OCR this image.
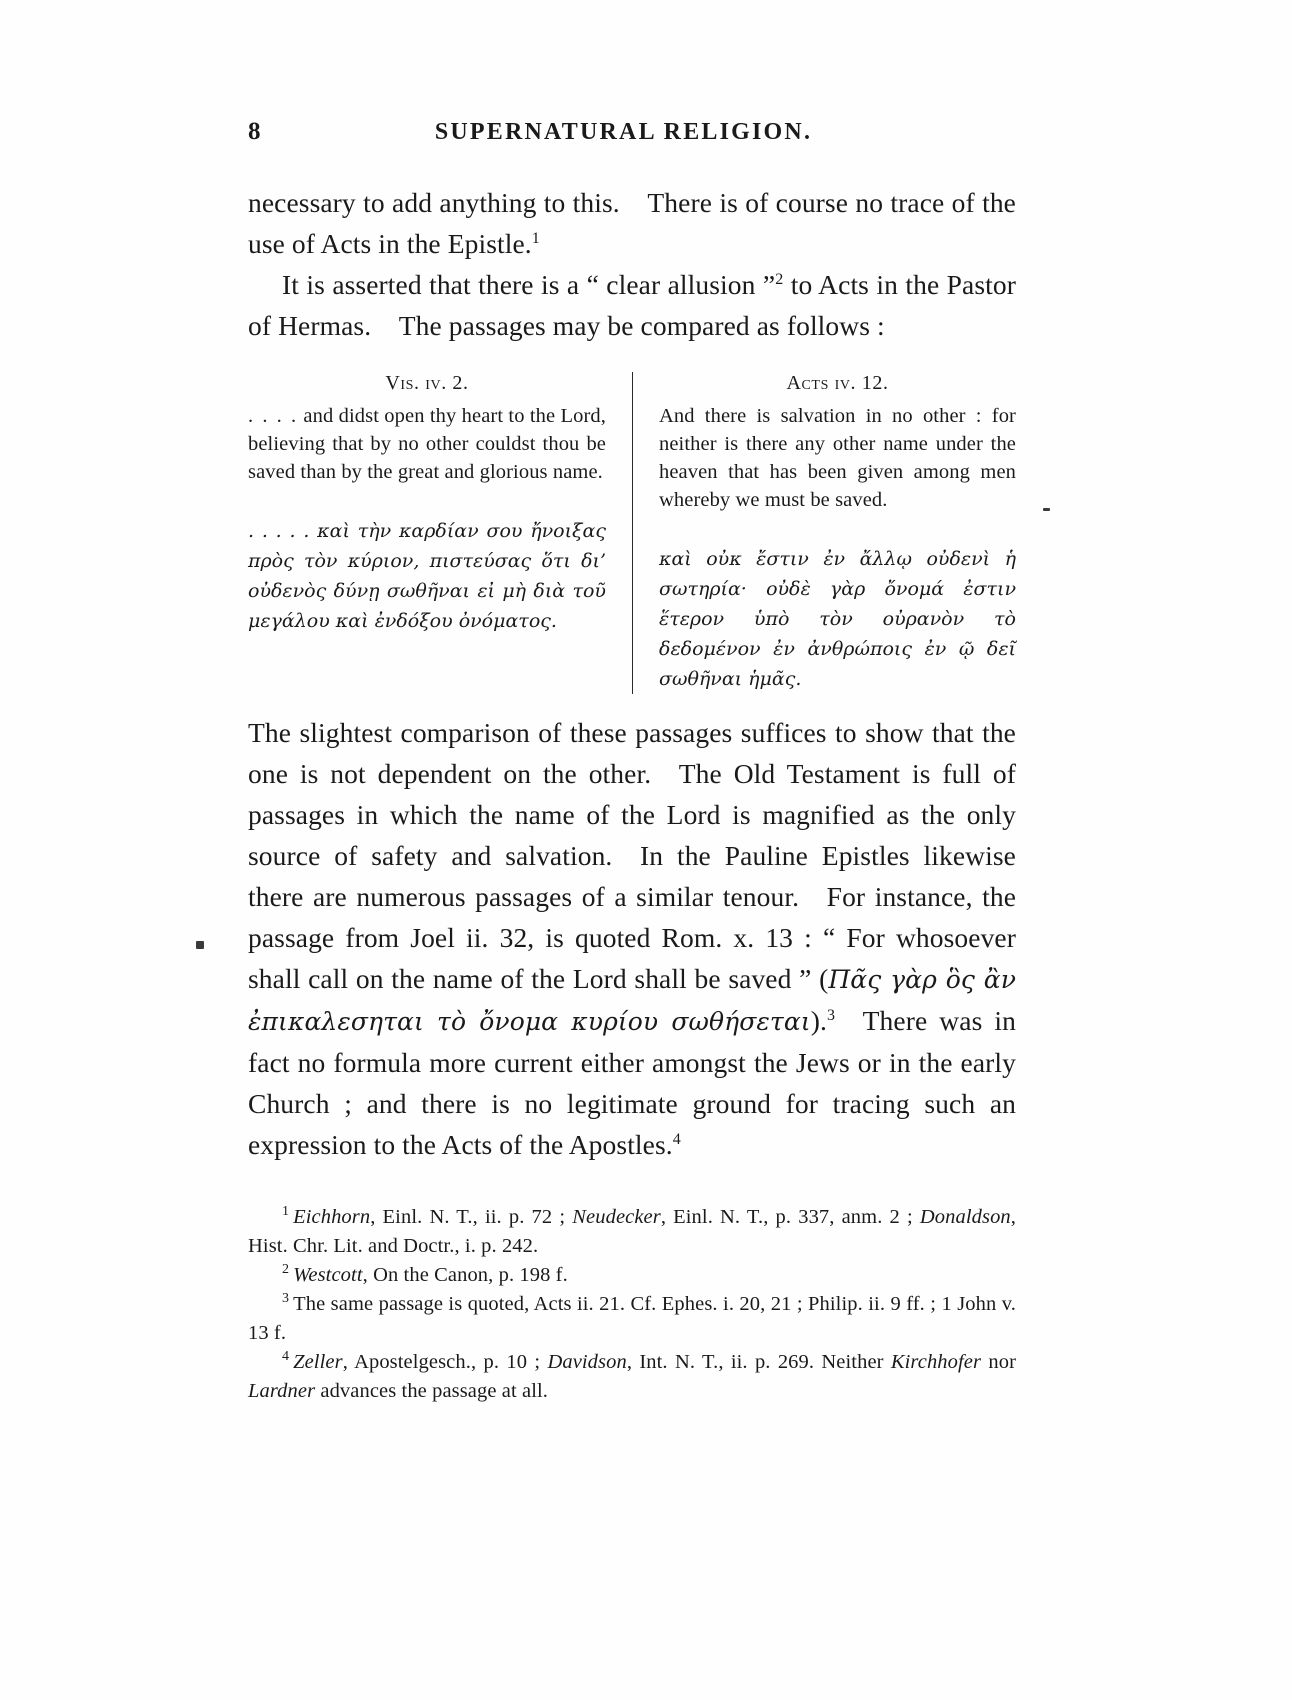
8	SUPERNATURAL RELIGION.

necessary to add anything to this. There is of course no trace of the use of Acts in the Epistle.$^1$

It is asserted that there is a “ clear allusion ”$^2$ to Acts in the Pastor of Hermas. The passages may be compared as follows :

Vis. iv. 2.
. . . . and didst open thy heart to the Lord, believing that by no other couldst thou be saved than by the great and glorious name.
. . . . . καὶ τὴν καρδίαν σου ἤνοιξας πρὸς τὸν κύριον, πιστεύσας ὅτι δι’ οὐδενὸς δύνῃ σωθῆναι εἰ μὴ διὰ τοῦ μεγάλου καὶ ἐνδόξου ὀνόματος.
Acts iv. 12.
And there is salvation in no other : for neither is there any other name under the heaven that has been given among men whereby we must be saved.
καὶ οὐκ ἔστιν ἐν ἄλλῳ οὐδενὶ ἡ σωτηρία· οὐδὲ γὰρ ὄνομά ἐστιν ἕτερον ὑπὸ τὸν οὐρανὸν τὸ δεδομένον ἐν ἀνθρώποις ἐν ῷ δεῖ σωθῆναι ἡμᾶς.

The slightest comparison of these passages suffices to show that the one is not dependent on the other. The Old Testament is full of passages in which the name of the Lord is magnified as the only source of safety and salvation. In the Pauline Epistles likewise there are numerous passages of a similar tenour. For instance, the passage from Joel ii. 32, is quoted Rom. x. 13 : “ For whosoever shall call on the name of the Lord shall be saved ” (Πᾶς γὰρ ὃς ἂν ἐπικαλεσηται τὸ ὄνομα κυρίου σωθήσεται).$^3$ There was in fact no formula more current either amongst the Jews or in the early Church ; and there is no legitimate ground for tracing such an expression to the Acts of the Apostles.$^4$

$^1$ Eichhorn, Einl. N. T., ii. p. 72 ; Neudecker, Einl. N. T., p. 337, anm. 2 ; Donaldson, Hist. Chr. Lit. and Doctr., i. p. 242.

$^2$ Westcott, On the Canon, p. 198 f.

$^3$ The same passage is quoted, Acts ii. 21. Cf. Ephes. i. 20, 21 ; Philip. ii. 9 ff. ; 1 John v. 13 f.

$^4$ Zeller, Apostelgesch., p. 10 ; Davidson, Int. N. T., ii. p. 269. Neither Kirchhofer nor Lardner advances the passage at all.
